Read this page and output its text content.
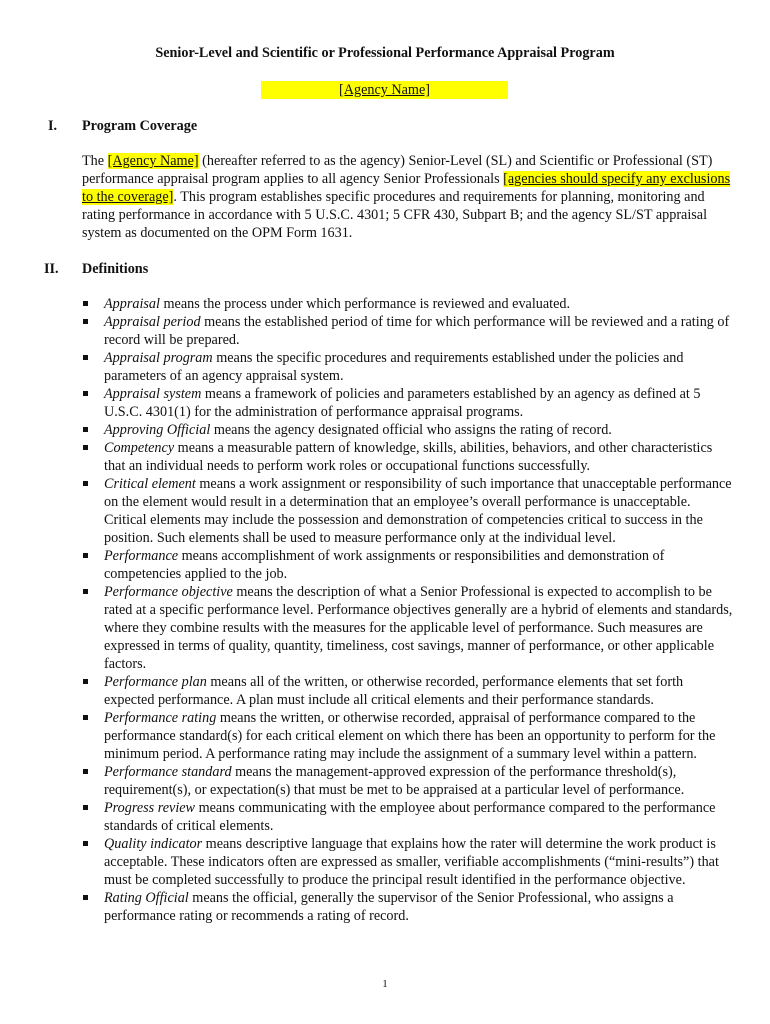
Senior-Level and Scientific or Professional Performance Appraisal Program
[Agency Name]
I. Program Coverage
The [Agency Name] (hereafter referred to as the agency) Senior-Level (SL) and Scientific or Professional (ST) performance appraisal program applies to all agency Senior Professionals [agencies should specify any exclusions to the coverage]. This program establishes specific procedures and requirements for planning, monitoring and rating performance in accordance with 5 U.S.C. 4301; 5 CFR 430, Subpart B; and the agency SL/ST appraisal system as documented on the OPM Form 1631.
II. Definitions
Appraisal means the process under which performance is reviewed and evaluated.
Appraisal period means the established period of time for which performance will be reviewed and a rating of record will be prepared.
Appraisal program means the specific procedures and requirements established under the policies and parameters of an agency appraisal system.
Appraisal system means a framework of policies and parameters established by an agency as defined at 5 U.S.C. 4301(1) for the administration of performance appraisal programs.
Approving Official means the agency designated official who assigns the rating of record.
Competency means a measurable pattern of knowledge, skills, abilities, behaviors, and other characteristics that an individual needs to perform work roles or occupational functions successfully.
Critical element means a work assignment or responsibility of such importance that unacceptable performance on the element would result in a determination that an employee’s overall performance is unacceptable. Critical elements may include the possession and demonstration of competencies critical to success in the position. Such elements shall be used to measure performance only at the individual level.
Performance means accomplishment of work assignments or responsibilities and demonstration of competencies applied to the job.
Performance objective means the description of what a Senior Professional is expected to accomplish to be rated at a specific performance level. Performance objectives generally are a hybrid of elements and standards, where they combine results with the measures for the applicable level of performance. Such measures are expressed in terms of quality, quantity, timeliness, cost savings, manner of performance, or other applicable factors.
Performance plan means all of the written, or otherwise recorded, performance elements that set forth expected performance. A plan must include all critical elements and their performance standards.
Performance rating means the written, or otherwise recorded, appraisal of performance compared to the performance standard(s) for each critical element on which there has been an opportunity to perform for the minimum period. A performance rating may include the assignment of a summary level within a pattern.
Performance standard means the management-approved expression of the performance threshold(s), requirement(s), or expectation(s) that must be met to be appraised at a particular level of performance.
Progress review means communicating with the employee about performance compared to the performance standards of critical elements.
Quality indicator means descriptive language that explains how the rater will determine the work product is acceptable. These indicators often are expressed as smaller, verifiable accomplishments (“mini-results”) that must be completed successfully to produce the principal result identified in the performance objective.
Rating Official means the official, generally the supervisor of the Senior Professional, who assigns a performance rating or recommends a rating of record.
1
